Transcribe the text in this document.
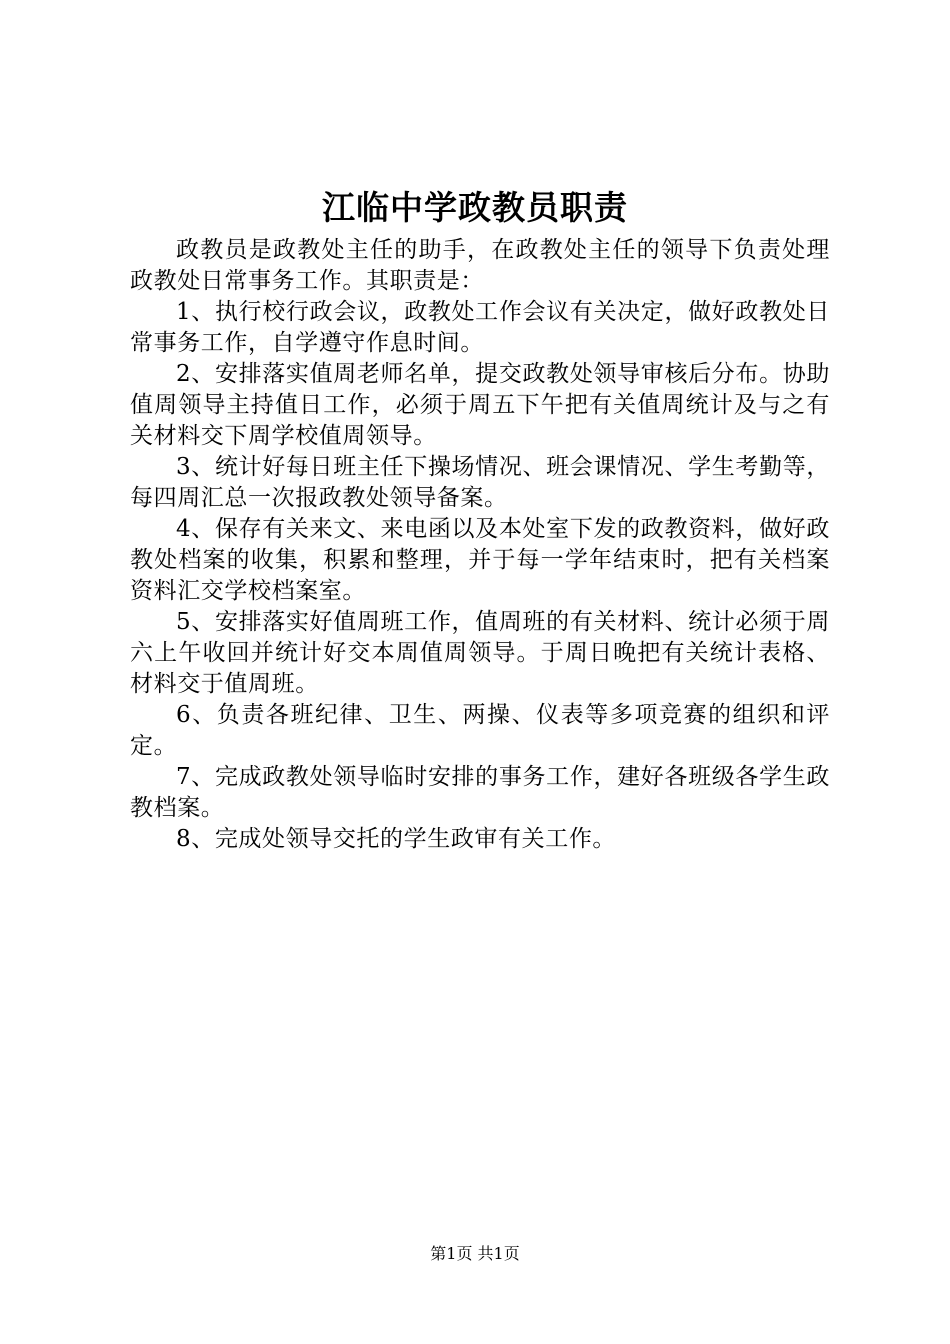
江临中学政教员职责

政教员是政教处主任的助手，在政教处主任的领导下负责处理政教处日常事务工作。其职责是：

1、执行校行政会议，政教处工作会议有关决定，做好政教处日常事务工作，自学遵守作息时间。

2、安排落实值周老师名单，提交政教处领导审核后分布。协助值周领导主持值日工作，必须于周五下午把有关值周统计及与之有关材料交下周学校值周领导。

3、统计好每日班主任下操场情况、班会课情况、学生考勤等，每四周汇总一次报政教处领导备案。

4、保存有关来文、来电函以及本处室下发的政教资料，做好政教处档案的收集，积累和整理，并于每一学年结束时，把有关档案资料汇交学校档案室。

5、安排落实好值周班工作，值周班的有关材料、统计必须于周六上午收回并统计好交本周值周领导。于周日晚把有关统计表格、材料交于值周班。

6、负责各班纪律、卫生、两操、仪表等多项竞赛的组织和评定。

7、完成政教处领导临时安排的事务工作，建好各班级各学生政教档案。

8、完成处领导交托的学生政审有关工作。

第1页 共1页
